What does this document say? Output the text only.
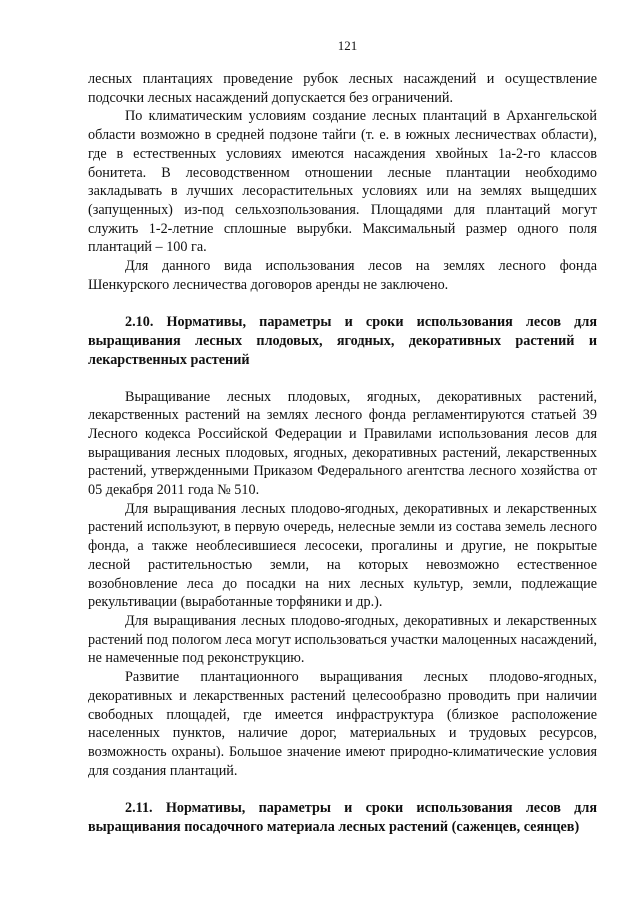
121

лесных плантациях проведение рубок лесных насаждений и осуществление подсочки лесных насаждений допускается без ограничений.

По климатическим условиям создание лесных плантаций в Архангельской области возможно в средней подзоне тайги (т. е. в южных лесничествах области), где в естественных условиях имеются насаждения хвойных 1а-2-го классов бонитета. В лесоводственном отношении лесные плантации необходимо закладывать в лучших лесорастительных условиях или на землях выщедших (запущенных) из-под сельхозпользования. Площадями для плантаций могут служить 1-2-летние сплошные вырубки. Максимальный размер одного поля плантаций – 100 га.

Для данного вида использования лесов на землях лесного фонда Шенкурского лесничества договоров аренды не заключено.

2.10. Нормативы, параметры и сроки использования лесов для выращивания лесных плодовых, ягодных, декоративных растений и лекарственных растений

Выращивание лесных плодовых, ягодных, декоративных растений, лекарственных растений на землях лесного фонда регламентируются статьей 39 Лесного кодекса Российской Федерации и Правилами использования лесов для выращивания лесных плодовых, ягодных, декоративных растений, лекарственных растений, утвержденными Приказом Федерального агентства лесного хозяйства от 05 декабря 2011 года № 510.

Для выращивания лесных плодово-ягодных, декоративных и лекарственных растений используют, в первую очередь, нелесные земли из состава земель лесного фонда, а также необлесившиеся лесосеки, прогалины и другие, не покрытые лесной растительностью земли, на которых невозможно естественное возобновление леса до посадки на них лесных культур, земли, подлежащие рекультивации (выработанные торфяники и др.).

Для выращивания лесных плодово-ягодных, декоративных и лекарственных растений под пологом леса могут использоваться участки малоценных насаждений, не намеченные под реконструкцию.

Развитие плантационного выращивания лесных плодово-ягодных, декоративных и лекарственных растений целесообразно проводить при наличии свободных площадей, где имеется инфраструктура (близкое расположение населенных пунктов, наличие дорог, материальных и трудовых ресурсов, возможность охраны). Большое значение имеют природно-климатические условия для создания плантаций.

2.11. Нормативы, параметры и сроки использования лесов для выращивания посадочного материала лесных растений (саженцев, сеянцев)
